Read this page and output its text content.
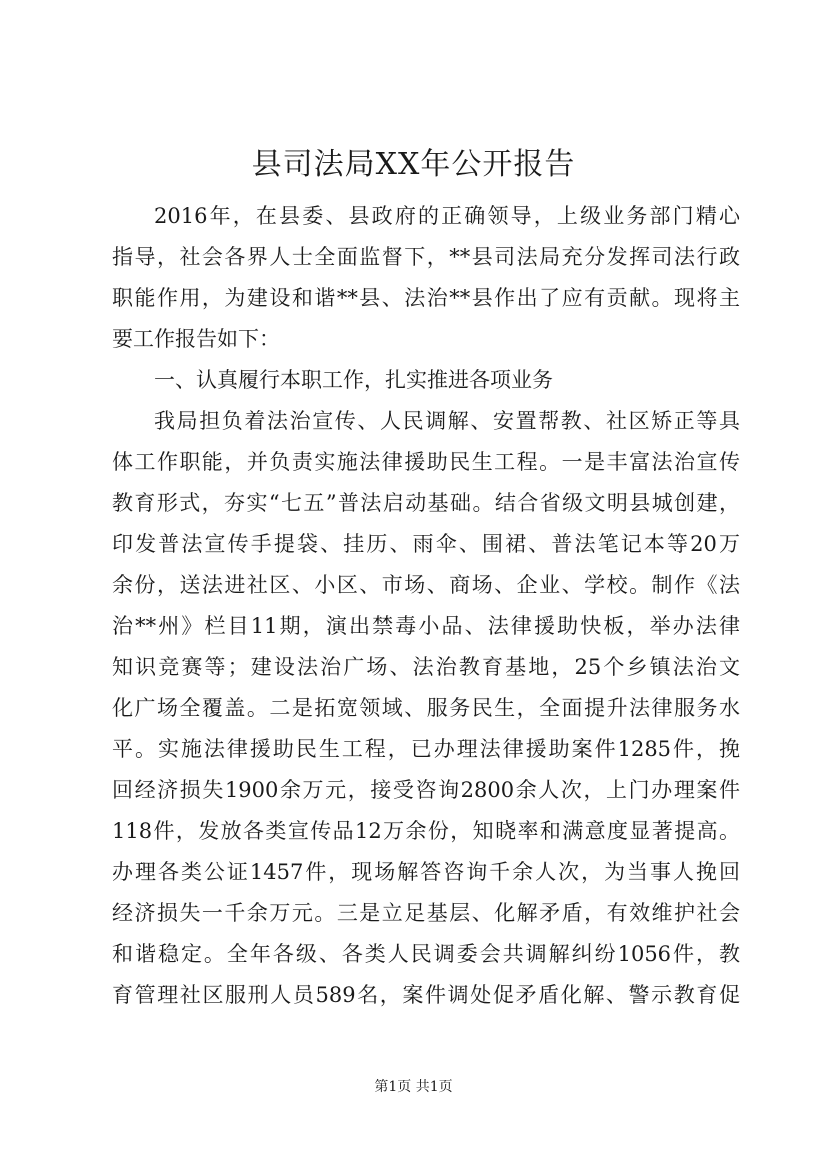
县司法局XX年公开报告
2016年，在县委、县政府的正确领导，上级业务部门精心
指导，社会各界人士全面监督下，**县司法局充分发挥司法行政
职能作用，为建设和谐**县、法治**县作出了应有贡献。现将主
要工作报告如下：
一、认真履行本职工作，扎实推进各项业务
我局担负着法治宣传、人民调解、安置帮教、社区矫正等具
体工作职能，并负责实施法律援助民生工程。一是丰富法治宣传
教育形式，夯实“七五”普法启动基础。结合省级文明县城创建，
印发普法宣传手提袋、挂历、雨伞、围裙、普法笔记本等20万
余份，送法进社区、小区、市场、商场、企业、学校。制作《法
治**州》栏目11期，演出禁毒小品、法律援助快板，举办法律
知识竞赛等；建设法治广场、法治教育基地，25个乡镇法治文
化广场全覆盖。二是拓宽领域、服务民生，全面提升法律服务水
平。实施法律援助民生工程，已办理法律援助案件1285件，挽
回经济损失1900余万元，接受咨询2800余人次，上门办理案件
118件，发放各类宣传品12万余份，知晓率和满意度显著提高。
办理各类公证1457件，现场解答咨询千余人次，为当事人挽回
经济损失一千余万元。三是立足基层、化解矛盾，有效维护社会
和谐稳定。全年各级、各类人民调委会共调解纠纷1056件，教
育管理社区服刑人员589名，案件调处促矛盾化解、警示教育促
第1页 共1页
